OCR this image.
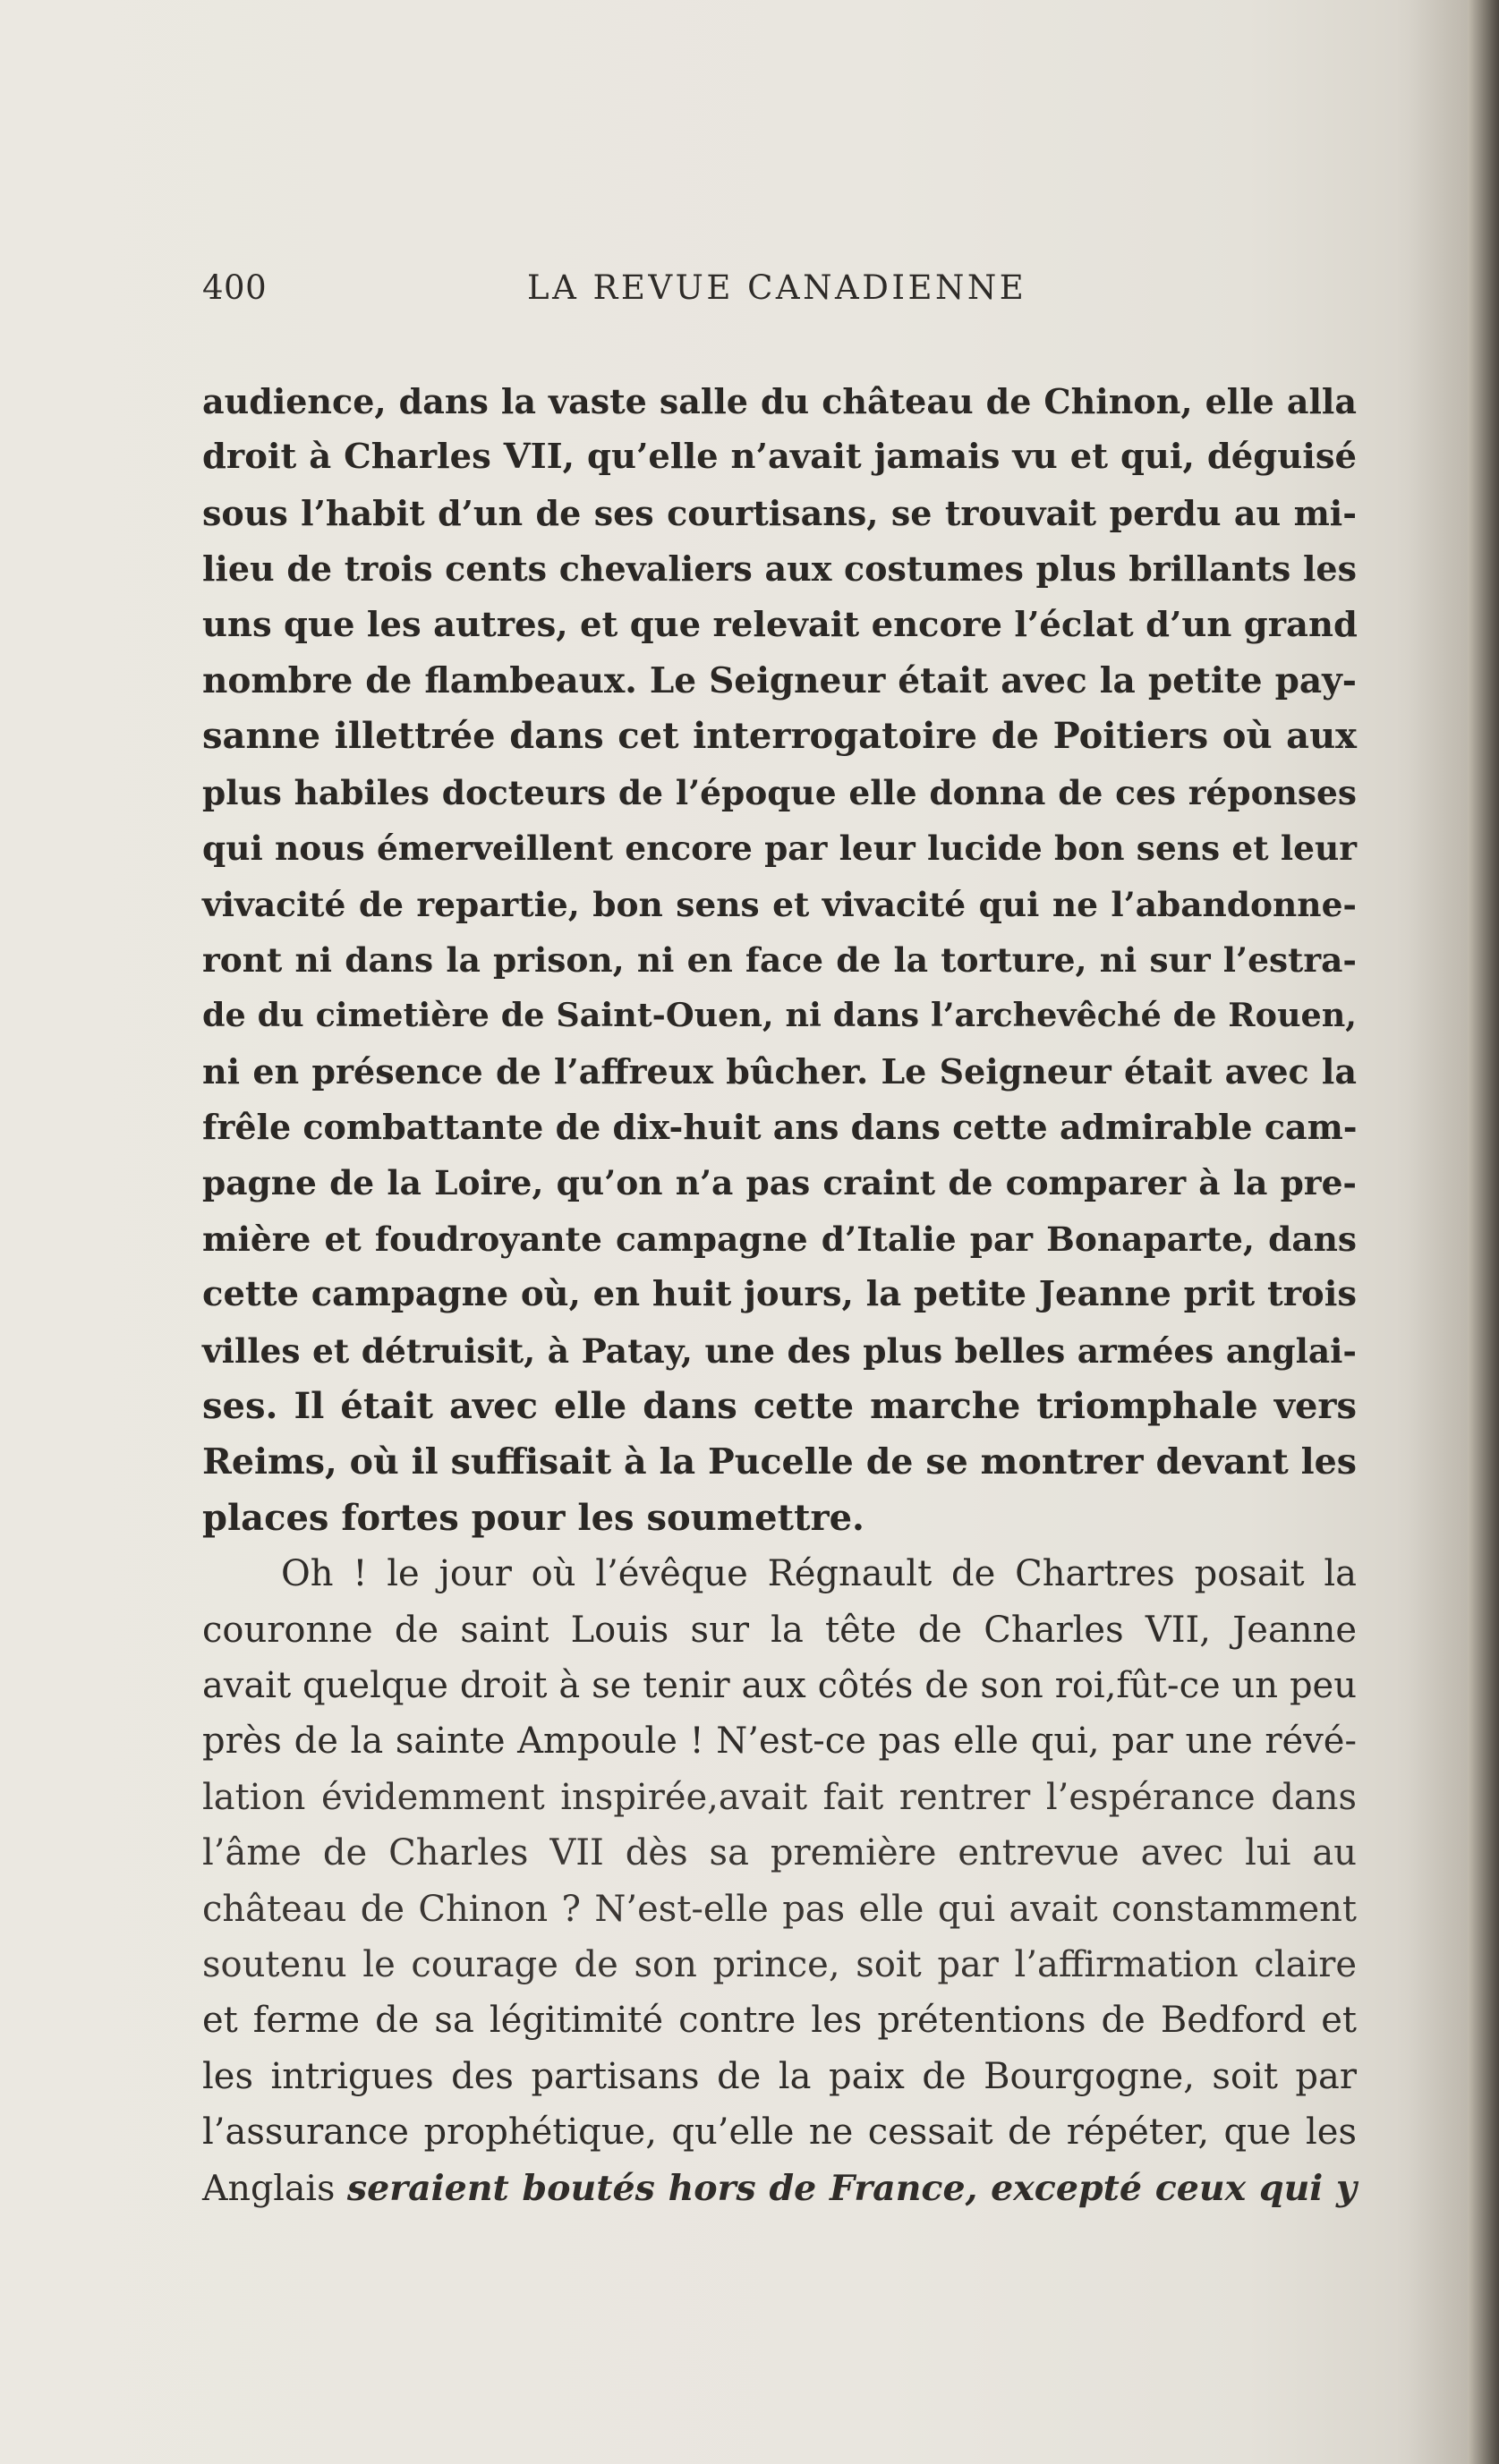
400	LA REVUE CANADIENNE
audience, dans la vaste salle du château de Chinon, elle alla
droit à Charles VII, qu’elle n’avait jamais vu et qui, déguisé
sous l’habit d’un de ses courtisans, se trouvait perdu au mi-
lieu de trois cents chevaliers aux costumes plus brillants les
uns que les autres, et que relevait encore l’éclat d’un grand
nombre de flambeaux. Le Seigneur était avec la petite pay-
sanne illettrée dans cet interrogatoire de Poitiers où aux
plus habiles docteurs de l’époque elle donna de ces réponses
qui nous émerveillent encore par leur lucide bon sens et leur
vivacité de repartie, bon sens et vivacité qui ne l’abandonne-
ront ni dans la prison, ni en face de la torture, ni sur l’estra-
de du cimetière de Saint-Ouen, ni dans l’archevêché de Rouen,
ni en présence de l’affreux bûcher. Le Seigneur était avec la
frêle combattante de dix-huit ans dans cette admirable cam-
pagne de la Loire, qu’on n’a pas craint de comparer à la pre-
mière et foudroyante campagne d’Italie par Bonaparte, dans
cette campagne où, en huit jours, la petite Jeanne prit trois
villes et détruisit, à Patay, une des plus belles armées anglai-
ses. Il était avec elle dans cette marche triomphale vers
Reims, où il suffisait à la Pucelle de se montrer devant les
places fortes pour les soumettre.
Oh ! le jour où l’évêque Régnault de Chartres posait la
couronne de saint Louis sur la tête de Charles VII, Jeanne
avait quelque droit à se tenir aux côtés de son roi,fût-ce un peu
près de la sainte Ampoule ! N’est-ce pas elle qui, par une révé-
lation évidemment inspirée,avait fait rentrer l’espérance dans
l’âme de Charles VII dès sa première entrevue avec lui au
château de Chinon ? N’est-elle pas elle qui avait constamment
soutenu le courage de son prince, soit par l’affirmation claire
et ferme de sa légitimité contre les prétentions de Bedford et
les intrigues des partisans de la paix de Bourgogne, soit par
l’assurance prophétique, qu’elle ne cessait de répéter, que les
Anglais seraient boutés hors de France, excepté ceux qui y
